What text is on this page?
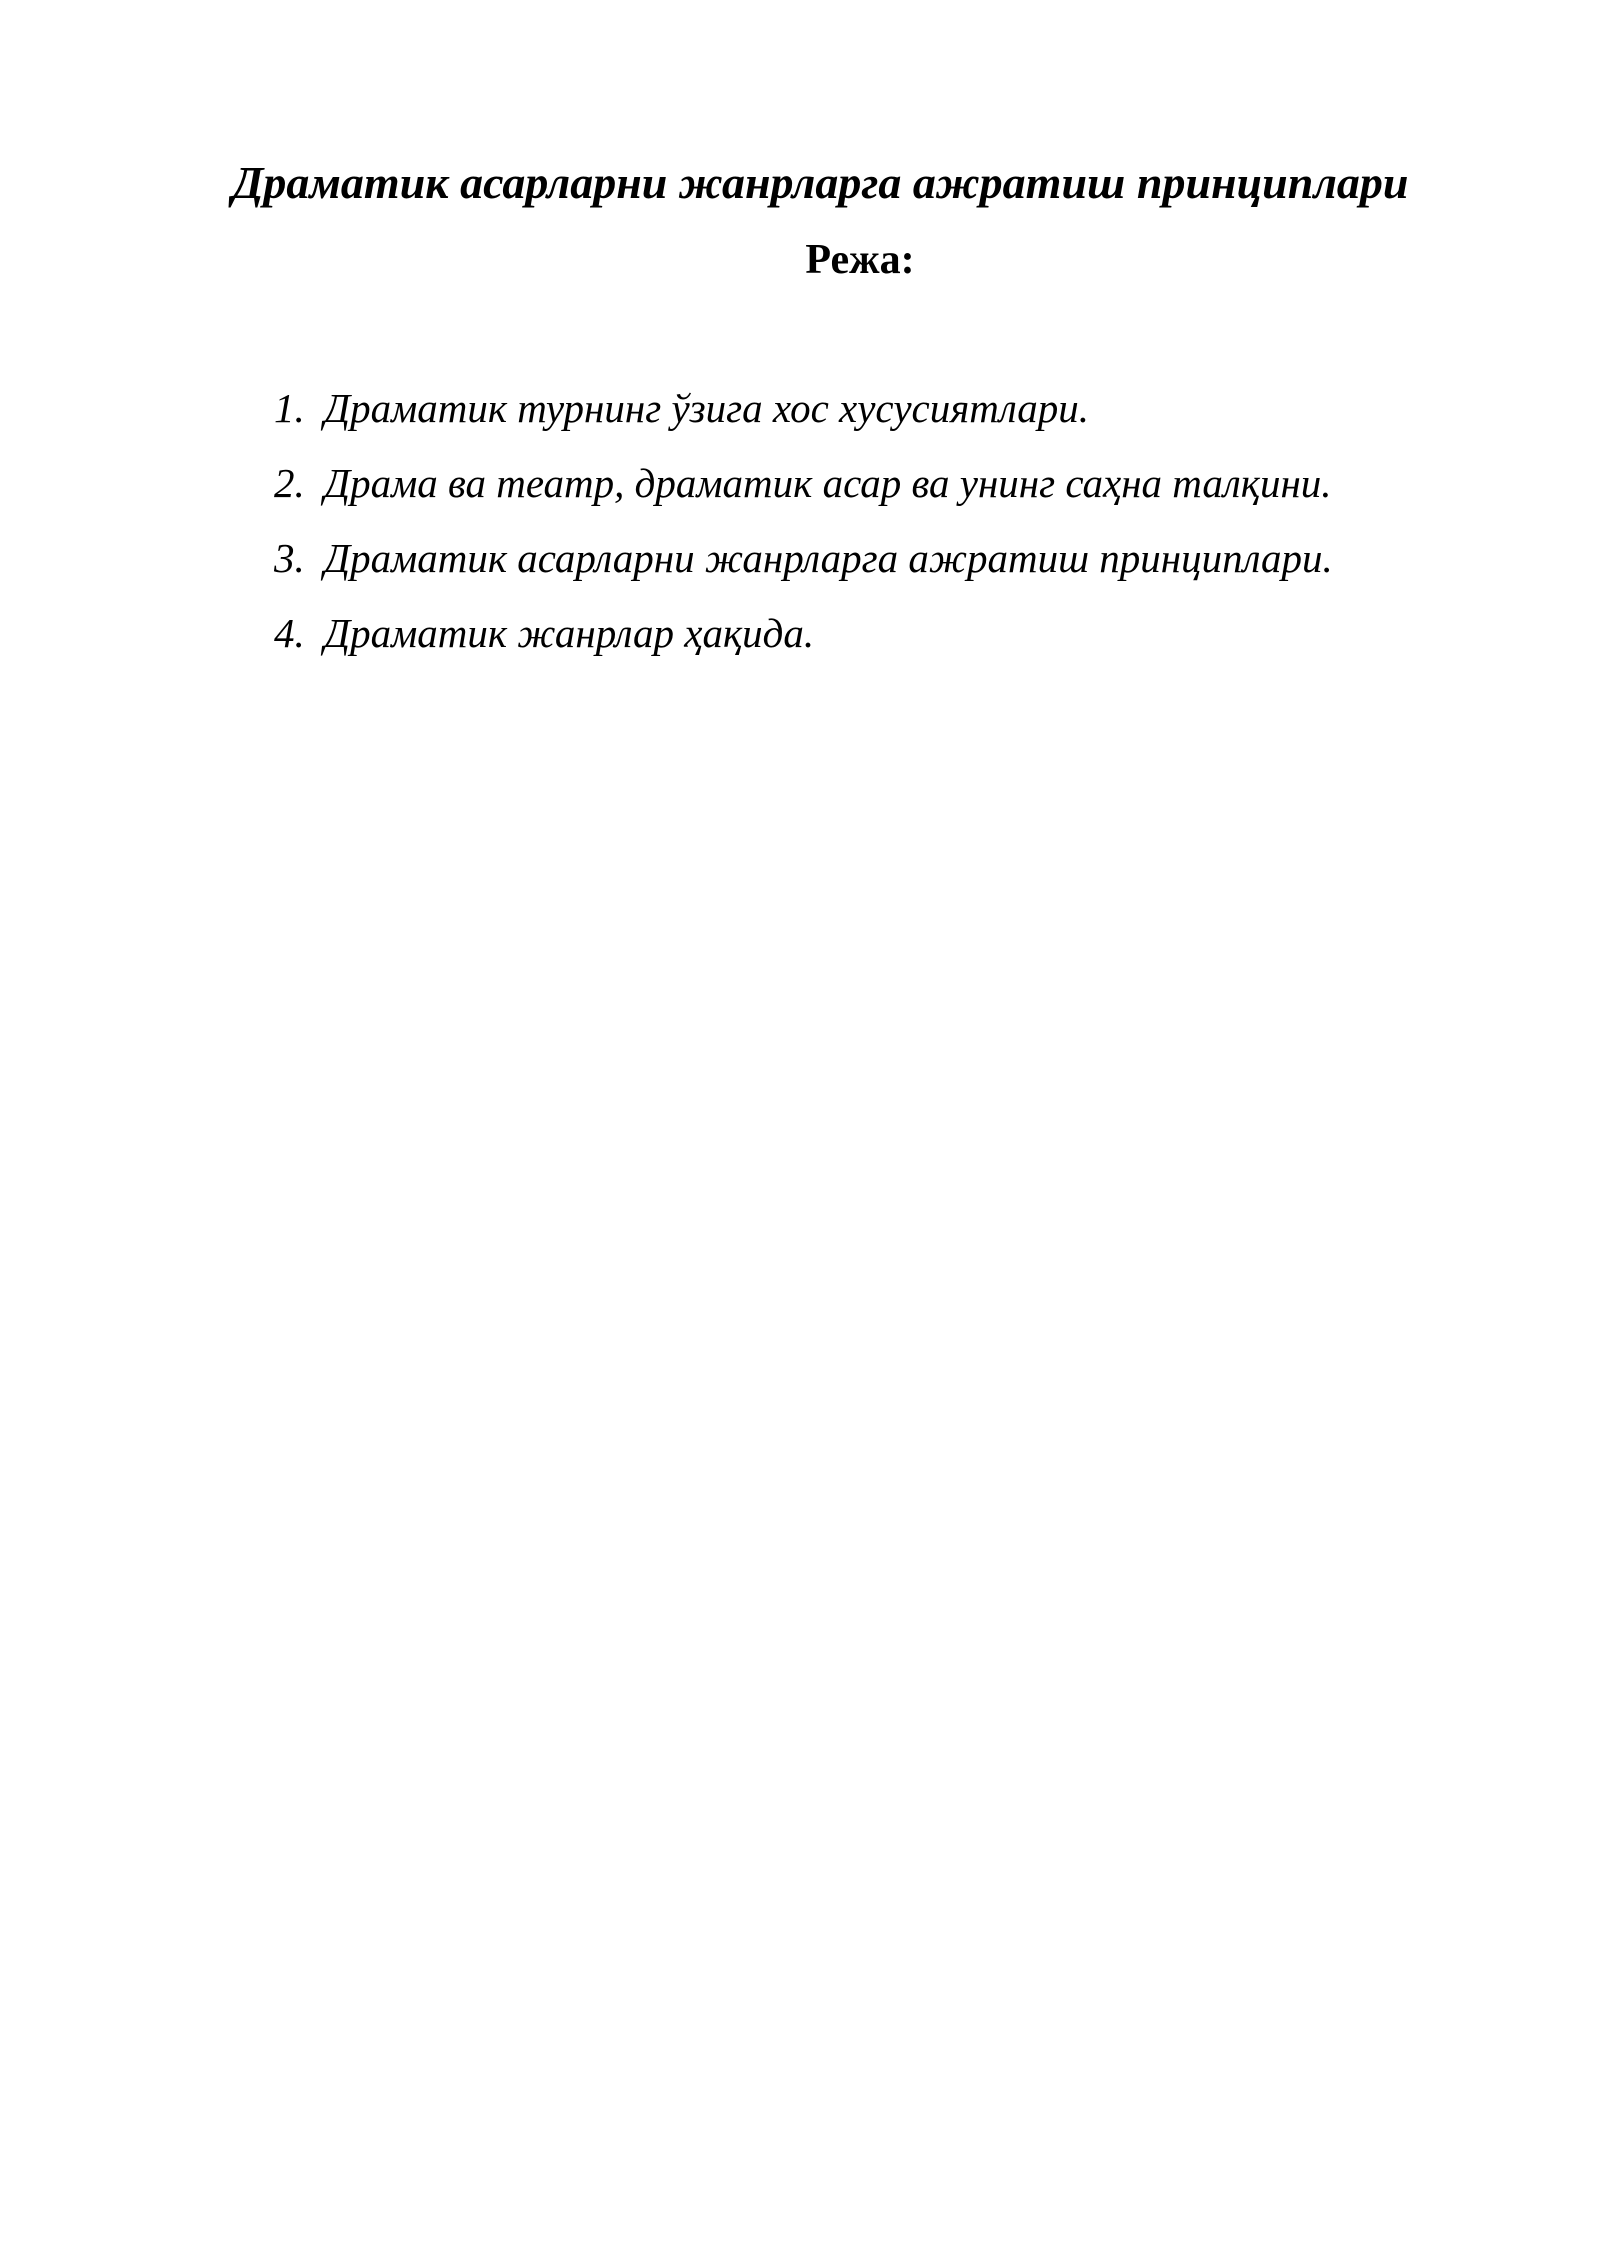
Драматик асарларни жанрларга ажратиш принциплари
Режа:
1. Драматик турнинг ўзига хос хусусиятлари.
2. Драма ва театр, драматик асар ва унинг саҳна талқини.
3. Драматик асарларни жанрларга ажратиш принциплари.
4. Драматик жанрлар ҳақида.
